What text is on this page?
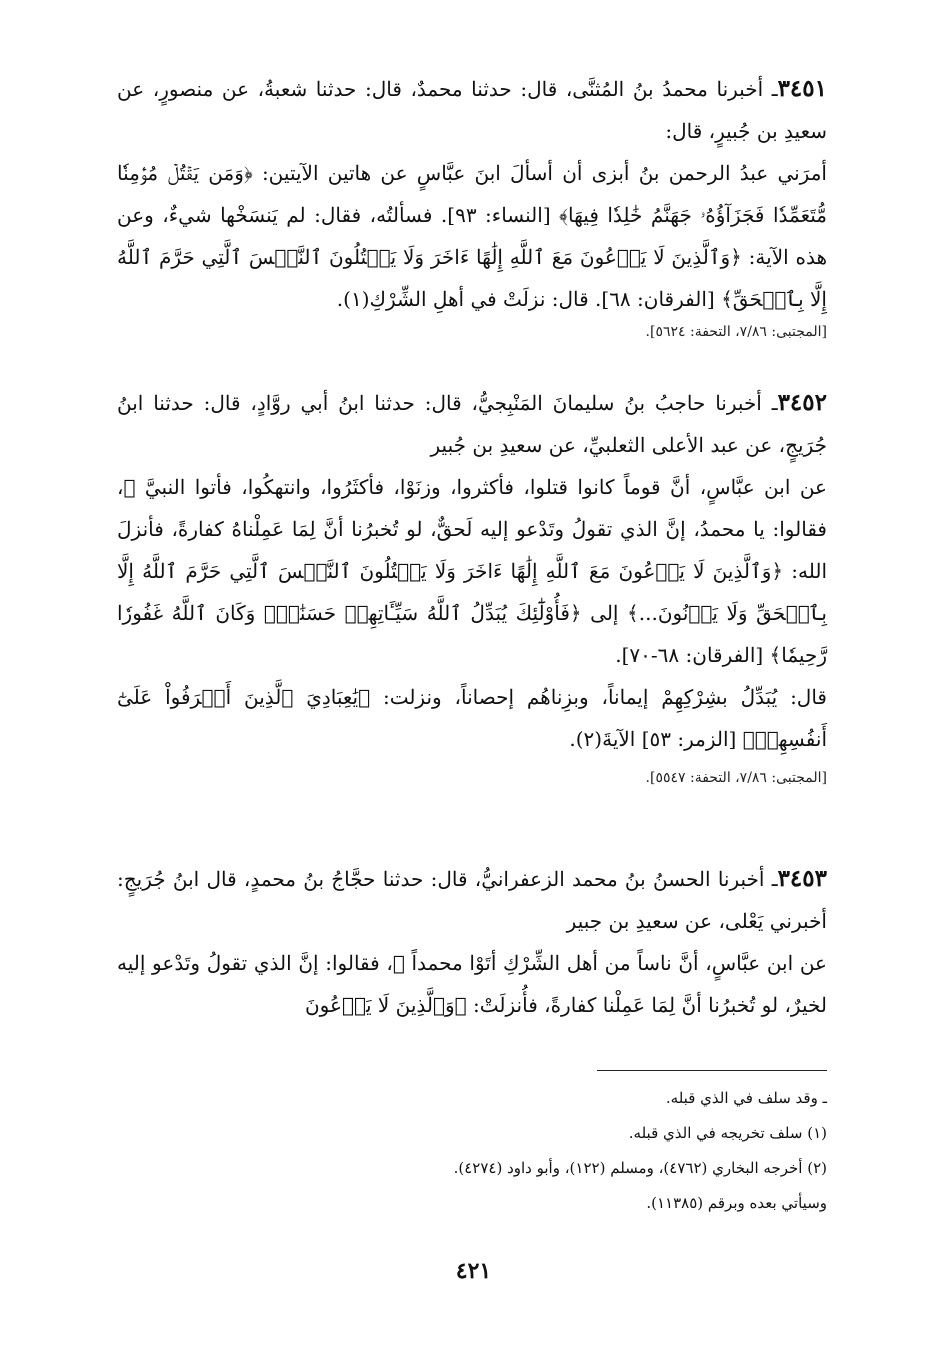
٣٤٥١ـ أخبرنا محمدُ بنُ المُثنَّى، قال: حدثنا محمدٌ، قال: حدثنا شعبةُ، عن منصورٍ، عن سعيدِ بن جُبيرٍ، قال:
أمرَني عبدُ الرحمن بنُ أبزى أن أسألَ ابنَ عبَّاسٍ عن هاتين الآيتين: ﴿وَمَن يَقۡتُلۡ مُؤۡمِنٗا مُّتَعَمِّدٗا فَجَزَآؤُهُۥ جَهَنَّمُ خَٰلِدٗا فِيهَا﴾ [النساء: ٩٣]. فسألتُه، فقال: لم يَنسَخْها شيءٌ، وعن هذه الآية: ﴿وَٱلَّذِينَ لَا يَدۡعُونَ مَعَ ٱللَّهِ إِلَٰهًا ءَاخَرَ وَلَا يَقۡتُلُونَ ٱلنَّفۡسَ ٱلَّتِي حَرَّمَ ٱللَّهُ إِلَّا بِٱلۡحَقِّ﴾ [الفرقان: ٦٨]. قال: نزلَتْ في أهلِ الشِّرْكِ(١).
[المجتبى: ٧/٨٦، التحفة: ٥٦٢٤].
٣٤٥٢ـ أخبرنا حاجبُ بنُ سليمانَ المَنْبِجيُّ، قال: حدثنا ابنُ أبي روَّادٍ، قال: حدثنا ابنُ جُرَيجٍ، عن عبد الأعلى الثعلبيِّ، عن سعيدِ بن جُبير
عن ابن عبَّاسٍ، أنَّ قوماً كانوا قتلوا، فأكثروا، وزنَوْا، فأكثَرُوا، وانتهكُوا، فأتوا النبيَّ ﷺ، فقالوا: يا محمدُ، إنَّ الذي تقولُ وتَدْعو إليه لَحقٌّ، لو تُخبرُنا أنَّ لِمَا عَمِلْناهُ كفارةً، فأنزلَ الله: ﴿وَٱلَّذِينَ لَا يَدۡعُونَ مَعَ ٱللَّهِ إِلَٰهًا ءَاخَرَ وَلَا يَقۡتُلُونَ ٱلنَّفۡسَ ٱلَّتِي حَرَّمَ ٱللَّهُ إِلَّا بِٱلۡحَقِّ وَلَا يَزۡنُونَ...﴾ إلى ﴿فَأُوْلَٰٓئِكَ يُبَدِّلُ ٱللَّهُ سَيِّـَٔاتِهِمۡ حَسَنَٰتٖۗ وَكَانَ ٱللَّهُ غَفُورٗا رَّحِيمٗا﴾ [الفرقان: ٦٨-٧٠].
قال: يُبَدِّلُ بشِرْكِهِمْ إيماناً، وبزِناهُم إحصاناً، ونزلت: ﴿يَٰعِبَادِيَ ٱلَّذِينَ أَسۡرَفُواْ عَلَىٰٓ أَنفُسِهِمۡ﴾ [الزمر: ٥٣] الآيةَ(٢).
[المجتبى: ٧/٨٦، التحفة: ٥٥٤٧].
٣٤٥٣ـ أخبرنا الحسنُ بنُ محمد الزعفرانيُّ، قال: حدثنا حجَّاجُ بنُ محمدٍ، قال ابنُ جُرَيجٍ: أخبرني يَعْلى، عن سعيدِ بن جبير
عن ابن عبَّاسٍ، أنَّ ناساً من أهل الشِّرْكِ أتَوْا محمداً ﷺ، فقالوا: إنَّ الذي تقولُ وتَدْعو إليه لخيرٌ، لو تُخبرُنا أنَّ لِمَا عَمِلْنا كفارةً، فأُنزلَتْ: ﴿وَٱلَّذِينَ لَا يَدۡعُونَ
ـ وقد سلف في الذي قبله.
(١) سلف تخريجه في الذي قبله.
(٢) أخرجه البخاري (٤٧٦٢)، ومسلم (١٢٢)، وأبو داود (٤٢٧٤).
وسيأتي بعده وبرقم (١١٣٨٥).
٤٢١
